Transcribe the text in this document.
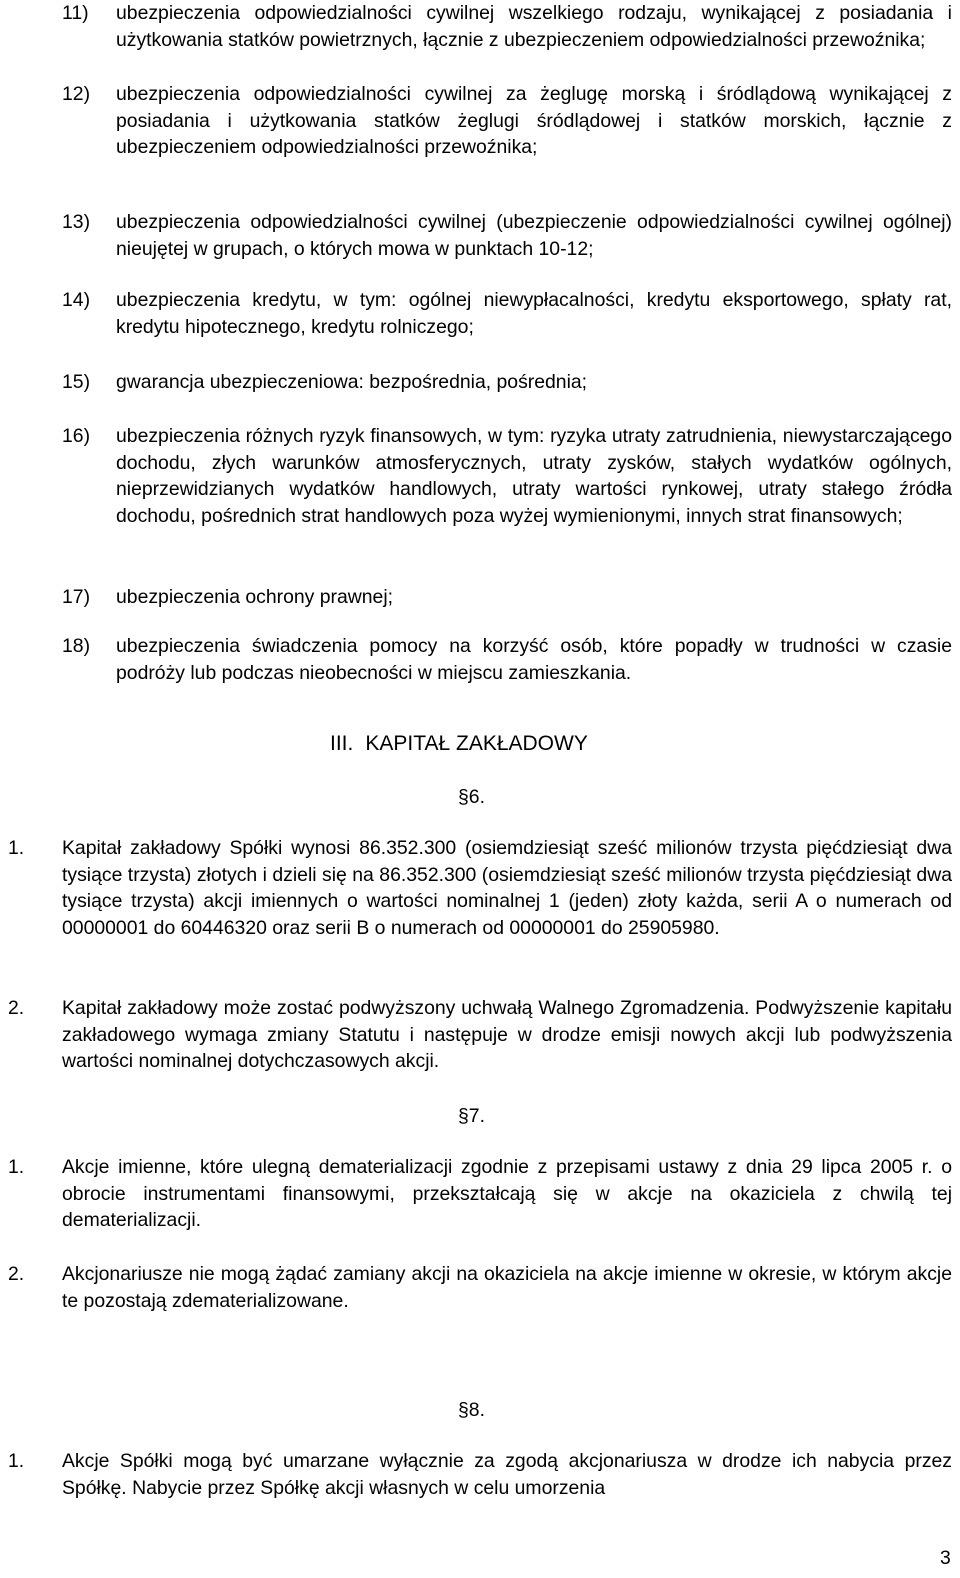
11) ubezpieczenia odpowiedzialności cywilnej wszelkiego rodzaju, wynikającej z posiadania i użytkowania statków powietrznych, łącznie z ubezpieczeniem odpowiedzialności przewoźnika;
12) ubezpieczenia odpowiedzialności cywilnej za żeglugę morską i śródlądową wynikającej z posiadania i użytkowania statków żeglugi śródlądowej i statków morskich, łącznie z ubezpieczeniem odpowiedzialności przewoźnika;
13) ubezpieczenia odpowiedzialności cywilnej (ubezpieczenie odpowiedzialności cywilnej ogólnej) nieujętej w grupach, o których mowa w punktach 10-12;
14) ubezpieczenia kredytu, w tym: ogólnej niewypłacalności, kredytu eksportowego, spłaty rat, kredytu hipotecznego, kredytu rolniczego;
15) gwarancja ubezpieczeniowa: bezpośrednia, pośrednia;
16) ubezpieczenia różnych ryzyk finansowych, w tym: ryzyka utraty zatrudnienia, niewystarczającego dochodu, złych warunków atmosferycznych, utraty zysków, stałych wydatków ogólnych, nieprzewidzianych wydatków handlowych, utraty wartości rynkowej, utraty stałego źródła dochodu, pośrednich strat handlowych poza wyżej wymienionymi, innych strat finansowych;
17) ubezpieczenia ochrony prawnej;
18) ubezpieczenia świadczenia pomocy na korzyść osób, które popadły w trudności w czasie podróży lub podczas nieobecności w miejscu zamieszkania.
III. KAPITAŁ ZAKŁADOWY
§6.
1. Kapitał zakładowy Spółki wynosi 86.352.300 (osiemdziesiąt sześć milionów trzysta pięćdziesiąt dwa tysiące trzysta) złotych i dzieli się na 86.352.300 (osiemdziesiąt sześć milionów trzysta pięćdziesiąt dwa tysiące trzysta) akcji imiennych o wartości nominalnej 1 (jeden) złoty każda, serii A o numerach od 00000001 do 60446320 oraz serii B o numerach od 00000001 do 25905980.
2. Kapitał zakładowy może zostać podwyższony uchwałą Walnego Zgromadzenia. Podwyższenie kapitału zakładowego wymaga zmiany Statutu i następuje w drodze emisji nowych akcji lub podwyższenia wartości nominalnej dotychczasowych akcji.
§7.
1. Akcje imienne, które ulegną dematerializacji zgodnie z przepisami ustawy z dnia 29 lipca 2005 r. o obrocie instrumentami finansowymi, przekształcają się w akcje na okaziciela z chwilą tej dematerializacji.
2. Akcjonariusze nie mogą żądać zamiany akcji na okaziciela na akcje imienne w okresie, w którym akcje te pozostają zdematerializowane.
§8.
1. Akcje Spółki mogą być umarzane wyłącznie za zgodą akcjonariusza w drodze ich nabycia przez Spółkę. Nabycie przez Spółkę akcji własnych w celu umorzenia
3
